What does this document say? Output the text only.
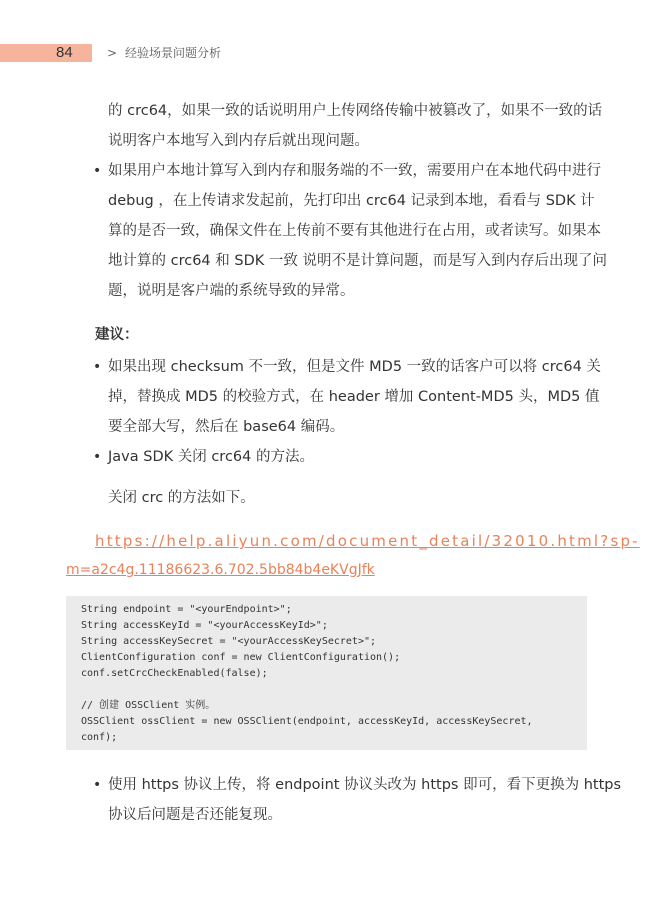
84	> 经验场景问题分析
的 crc64，如果一致的话说明用户上传网络传输中被篡改了，如果不一致的话
说明客户本地写入到内存后就出现问题。
• 如果用户本地计算写入到内存和服务端的不一致，需要用户在本地代码中进行
debug ，在上传请求发起前，先打印出 crc64 记录到本地，看看与 SDK 计
算的是否一致，确保文件在上传前不要有其他进行在占用，或者读写。如果本
地计算的 crc64 和 SDK 一致 说明不是计算问题，而是写入到内存后出现了问
题，说明是客户端的系统导致的异常。
建议：
• 如果出现 checksum 不一致，但是文件 MD5 一致的话客户可以将 crc64 关
掉，替换成 MD5 的校验方式，在 header 增加 Content-MD5 头，MD5 值
要全部大写，然后在 base64 编码。
• Java SDK 关闭 crc64 的方法。
关闭 crc 的方法如下。
https://help.aliyun.com/document_detail/32010.html?sp-
m=a2c4g.11186623.6.702.5bb84b4eKVgJfk
String endpoint = "<yourEndpoint>";
String accessKeyId = "<yourAccessKeyId>";
String accessKeySecret = "<yourAccessKeySecret>";
ClientConfiguration conf = new ClientConfiguration();
conf.setCrcCheckEnabled(false);
// 创建 OSSClient 实例。
OSSClient ossClient = new OSSClient(endpoint, accessKeyId, accessKeySecret,
conf);
• 使用 https 协议上传，将 endpoint 协议头改为 https 即可，看下更换为 https
协议后问题是否还能复现。
